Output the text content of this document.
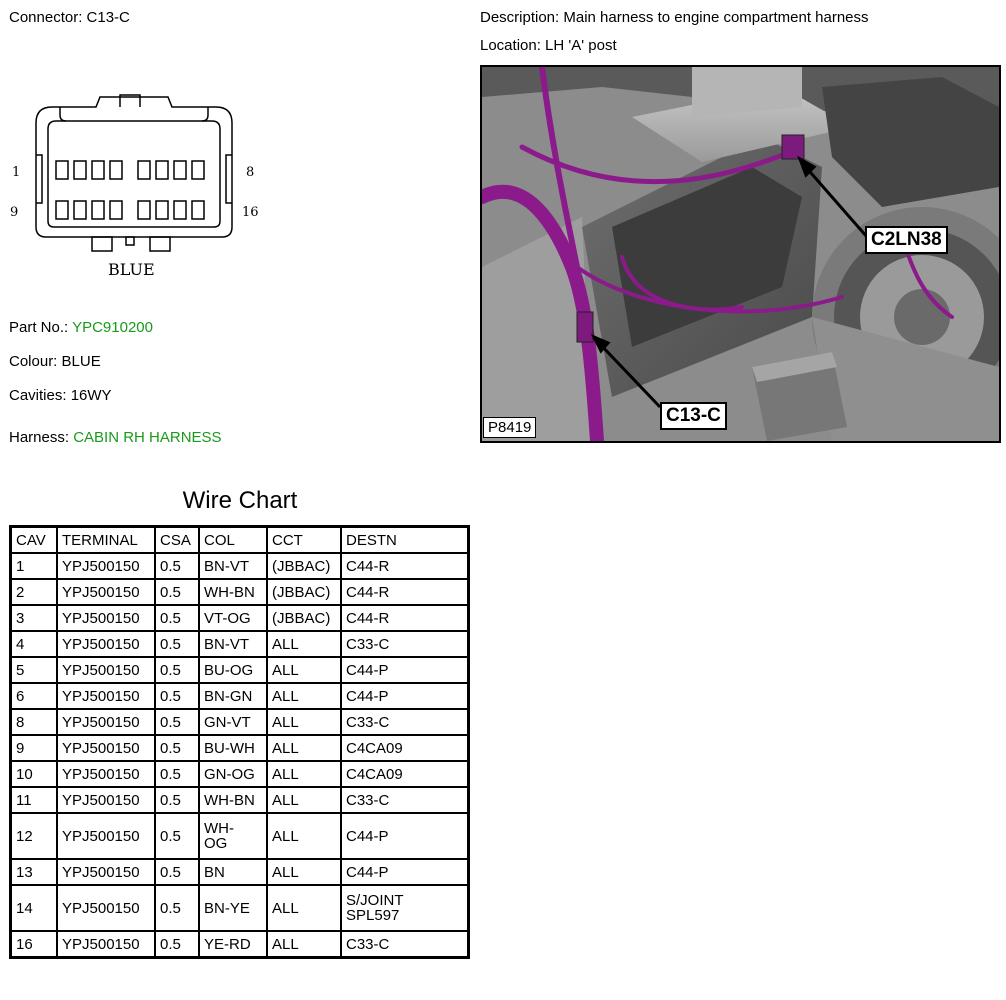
Connector: C13-C	Description: Main harness to engine compartment harness
Location: LH 'A' post
1	8
9	16
BLUE
Part No.: YPC910200
Colour: BLUE
Cavities: 16WY
Harness: CABIN RH HARNESS
C2LN38
C13-C
P8419
Wire Chart
CAV	TERMINAL	CSA	COL	CCT	DESTN
1	YPJ500150	0.5	BN-VT	(JBBAC)	C44-R
2	YPJ500150	0.5	WH-BN	(JBBAC)	C44-R
3	YPJ500150	0.5	VT-OG	(JBBAC)	C44-R
4	YPJ500150	0.5	BN-VT	ALL	C33-C
5	YPJ500150	0.5	BU-OG	ALL	C44-P
6	YPJ500150	0.5	BN-GN	ALL	C44-P
8	YPJ500150	0.5	GN-VT	ALL	C33-C
9	YPJ500150	0.5	BU-WH	ALL	C4CA09
10	YPJ500150	0.5	GN-OG	ALL	C4CA09
11	YPJ500150	0.5	WH-BN	ALL	C33-C
12	YPJ500150	0.5	WH-
OG	ALL	C44-P
13	YPJ500150	0.5	BN	ALL	C44-P
14	YPJ500150	0.5	BN-YE	ALL	S/JOINT
SPL597
16	YPJ500150	0.5	YE-RD	ALL	C33-C
